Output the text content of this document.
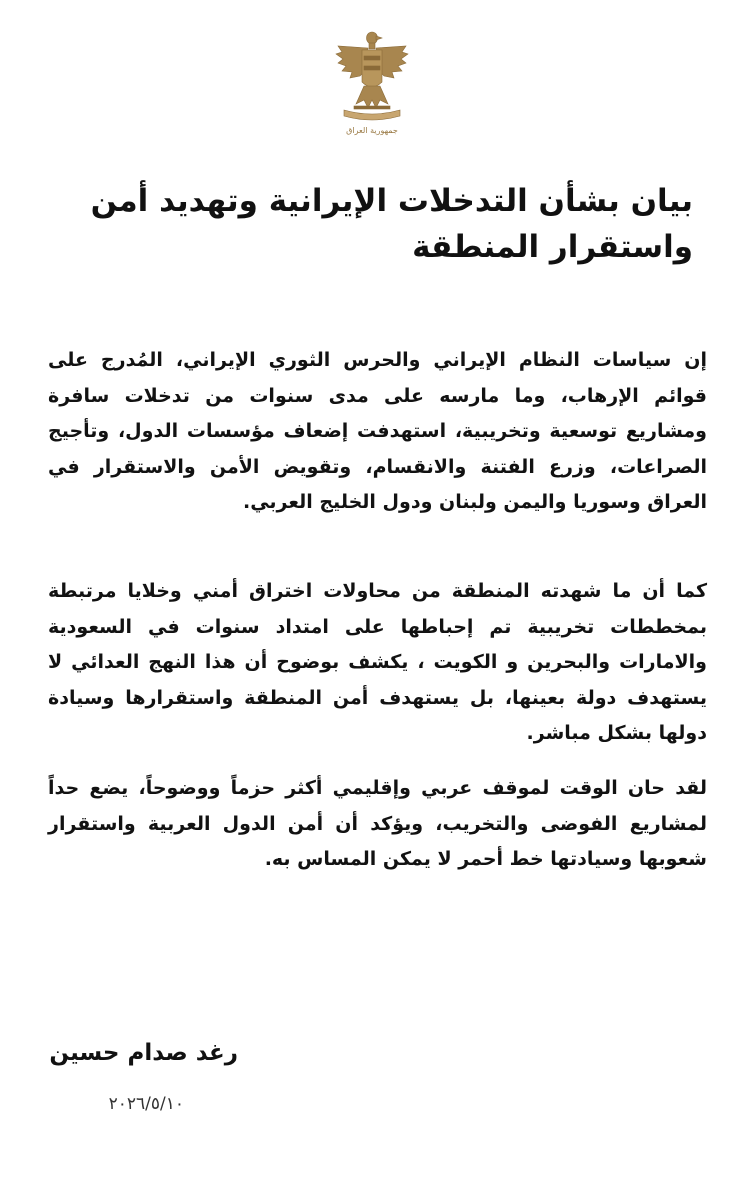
جمهورية العراق
بيان بشأن التدخلات الإيرانية وتهديد أمن واستقرار المنطقة

إن سياسات النظام الإيراني والحرس الثوري الإيراني، المُدرج على قوائم الإرهاب، وما مارسه على مدى سنوات من تدخلات سافرة ومشاريع توسعية وتخريبية، استهدفت إضعاف مؤسسات الدول، وتأجيج الصراعات، وزرع الفتنة والانقسام، وتقويض الأمن والاستقرار في العراق وسوريا واليمن ولبنان ودول الخليج العربي.

كما أن ما شهدته المنطقة من محاولات اختراق أمني وخلايا مرتبطة بمخططات تخريبية تم إحباطها على امتداد سنوات في السعودية والامارات والبحرين و الكويت ، يكشف بوضوح أن هذا النهج العدائي لا يستهدف دولة بعينها، بل يستهدف أمن المنطقة واستقرارها وسيادة دولها بشكل مباشر.

لقد حان الوقت لموقف عربي وإقليمي أكثر حزماً ووضوحاً، يضع حداً لمشاريع الفوضى والتخريب، ويؤكد أن أمن الدول العربية واستقرار شعوبها وسيادتها خط أحمر لا يمكن المساس به.

رغد صدام حسين
٢٠٢٦/٥/١٠
